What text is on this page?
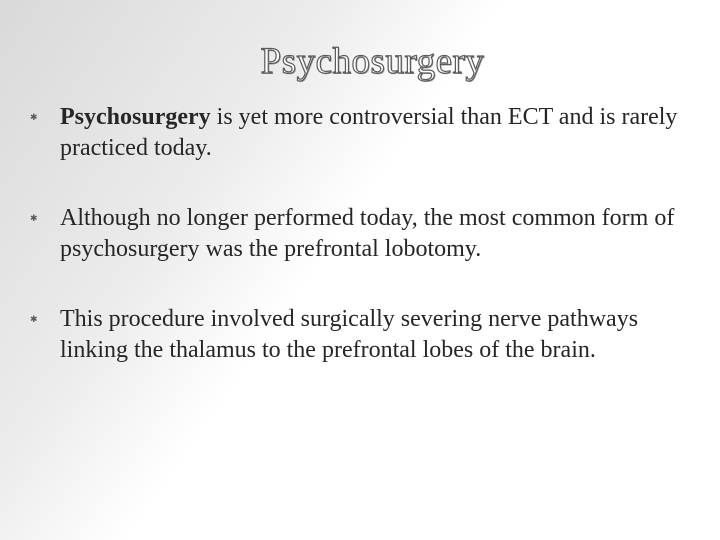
Psychosurgery
✱ Psychosurgery is yet more controversial than ECT and is rarely practiced today.
✱ Although no longer performed today, the most common form of psychosurgery was the prefrontal lobotomy.
✱ This procedure involved surgically severing nerve pathways linking the thalamus to the prefrontal lobes of the brain.
